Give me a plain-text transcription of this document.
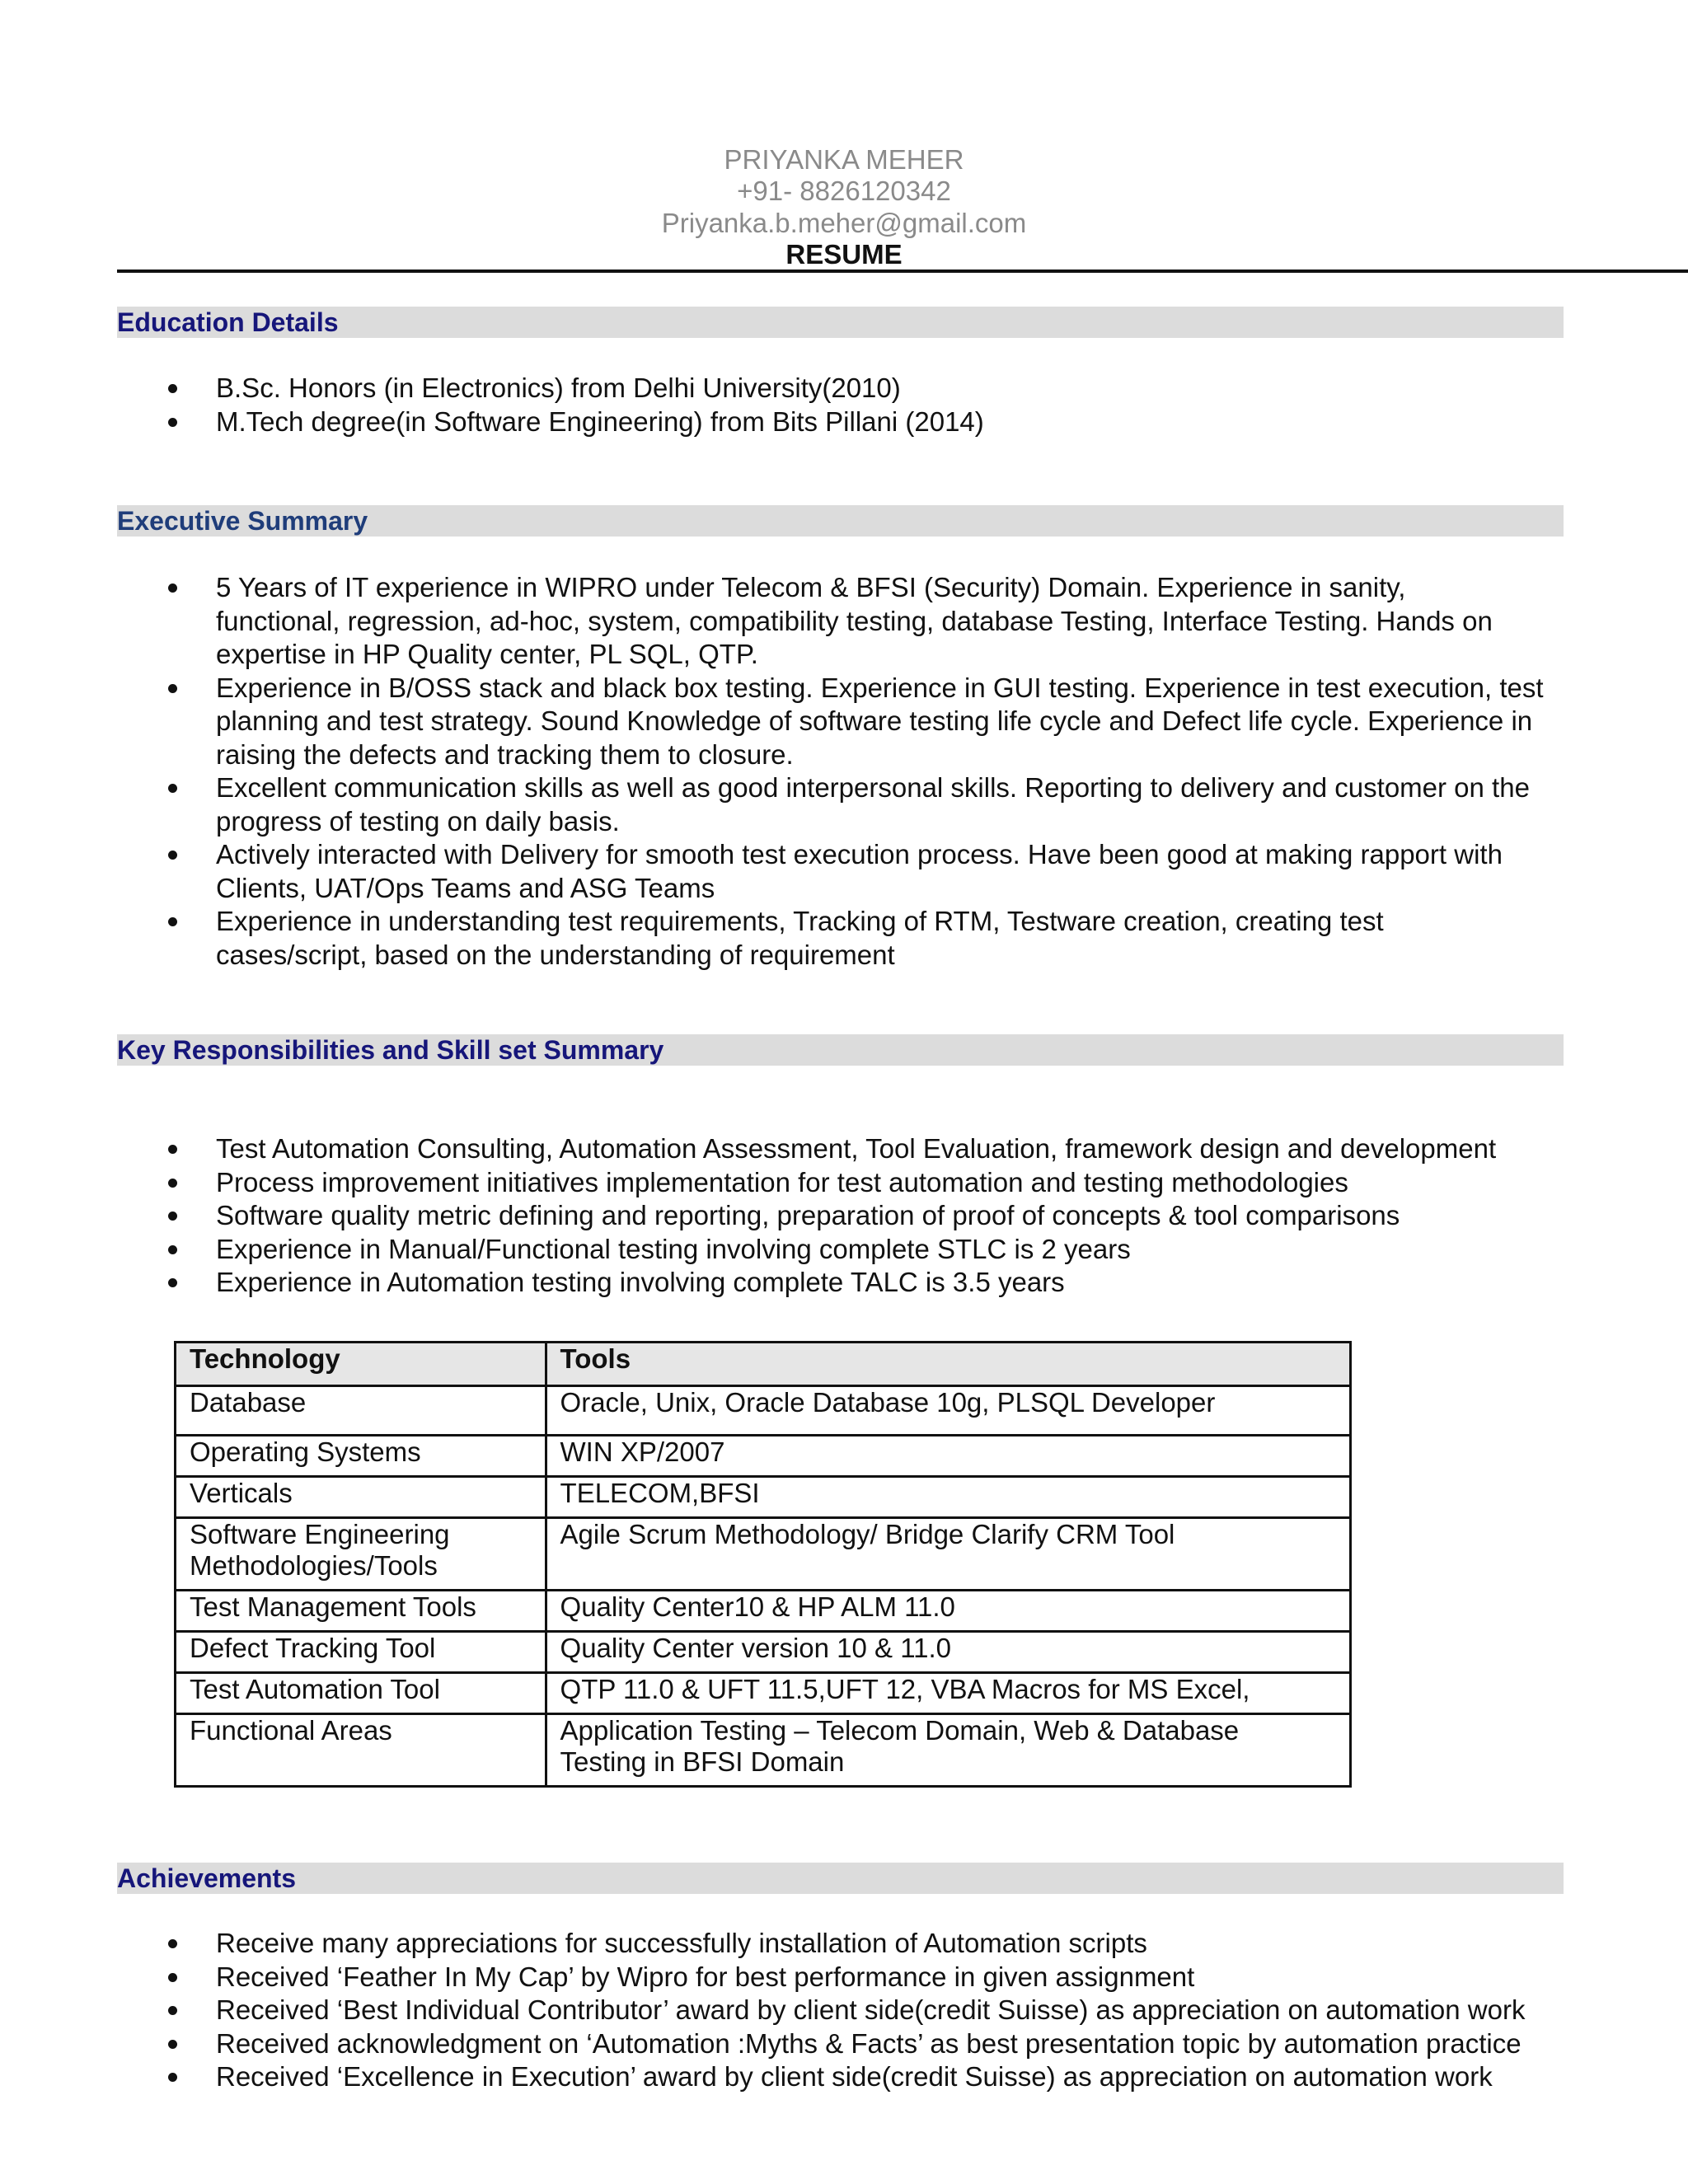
PRIYANKA MEHER
+91- 8826120342
Priyanka.b.meher@gmail.com
RESUME
Education Details
B.Sc. Honors (in Electronics) from Delhi University(2010)
M.Tech degree(in Software Engineering) from Bits Pillani (2014)
Executive Summary
5 Years of IT experience in WIPRO under Telecom & BFSI (Security) Domain. Experience in sanity,
functional, regression, ad-hoc, system, compatibility testing, database Testing, Interface Testing. Hands on
expertise in HP Quality center, PL SQL, QTP.
Experience in B/OSS stack and black box testing. Experience in GUI testing. Experience in test execution, test
planning and test strategy. Sound Knowledge of software testing life cycle and Defect life cycle. Experience in
raising the defects and tracking them to closure.
Excellent communication skills as well as good interpersonal skills. Reporting to delivery and customer on the
progress of testing on daily basis.
Actively interacted with Delivery for smooth test execution process. Have been good at making rapport with
Clients, UAT/Ops Teams and ASG Teams
Experience in understanding test requirements, Tracking of RTM, Testware creation, creating test
cases/script, based on the understanding of requirement
Key Responsibilities and Skill set Summary
Test Automation Consulting, Automation Assessment, Tool Evaluation, framework design and development
Process improvement initiatives implementation for test automation and testing methodologies
Software quality metric defining and reporting, preparation of proof of concepts & tool comparisons
Experience in Manual/Functional testing involving complete STLC is 2 years
Experience in Automation testing involving complete TALC is 3.5 years
Technology	Tools

Database	Oracle, Unix, Oracle Database 10g, PLSQL Developer

Operating Systems	WIN XP/2007

Verticals	TELECOM,BFSI

Software Engineering
Methodologies/Tools	Agile Scrum Methodology/ Bridge Clarify CRM Tool

Test Management Tools	Quality Center10 & HP ALM 11.0

Defect Tracking Tool	Quality Center version 10 & 11.0

Test Automation Tool	QTP 11.0 & UFT 11.5,UFT 12, VBA Macros for MS Excel,

Functional Areas	Application Testing – Telecom Domain, Web & Database
Testing in BFSI Domain
Achievements
Receive many appreciations for successfully installation of Automation scripts
Received ‘Feather In My Cap’ by Wipro for best performance in given assignment
Received ‘Best Individual Contributor’ award by client side(credit Suisse) as appreciation on automation work
Received acknowledgment on ‘Automation :Myths & Facts’ as best presentation topic by automation practice
Received ‘Excellence in Execution’ award by client side(credit Suisse) as appreciation on automation work
